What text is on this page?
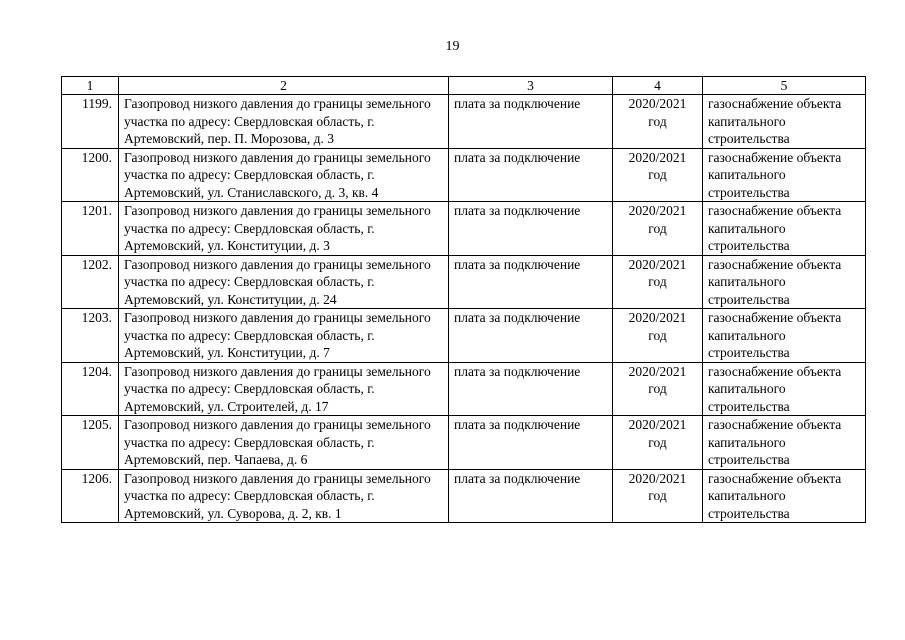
19
1	2	3	4	5
1199.	Газопровод низкого давления до границы земельного участка по адресу: Свердловская область, г. Артемовский, пер. П. Морозова, д. 3	плата за подключение	2020/2021 год	газоснабжение объекта капитального строительства
1200.	Газопровод низкого давления до границы земельного участка по адресу: Свердловская область, г. Артемовский, ул. Станиславского, д. 3, кв. 4	плата за подключение	2020/2021 год	газоснабжение объекта капитального строительства
1201.	Газопровод низкого давления до границы земельного участка по адресу: Свердловская область, г. Артемовский, ул. Конституции, д. 3	плата за подключение	2020/2021 год	газоснабжение объекта капитального строительства
1202.	Газопровод низкого давления до границы земельного участка по адресу: Свердловская область, г. Артемовский, ул. Конституции, д. 24	плата за подключение	2020/2021 год	газоснабжение объекта капитального строительства
1203.	Газопровод низкого давления до границы земельного участка по адресу: Свердловская область, г. Артемовский, ул. Конституции, д. 7	плата за подключение	2020/2021 год	газоснабжение объекта капитального строительства
1204.	Газопровод низкого давления до границы земельного участка по адресу: Свердловская область, г. Артемовский, ул. Строителей, д. 17	плата за подключение	2020/2021 год	газоснабжение объекта капитального строительства
1205.	Газопровод низкого давления до границы земельного участка по адресу: Свердловская область, г. Артемовский, пер. Чапаева, д. 6	плата за подключение	2020/2021 год	газоснабжение объекта капитального строительства
1206.	Газопровод низкого давления до границы земельного участка по адресу: Свердловская область, г. Артемовский, ул. Суворова, д. 2, кв. 1	плата за подключение	2020/2021 год	газоснабжение объекта капитального строительства
